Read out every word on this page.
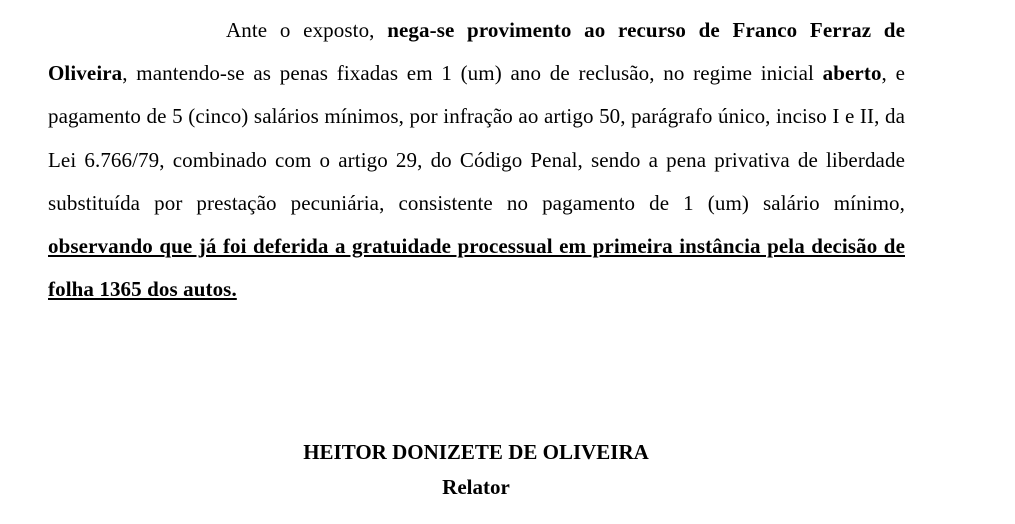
Ante o exposto, nega-se provimento ao recurso de Franco Ferraz de Oliveira, mantendo-se as penas fixadas em 1 (um) ano de reclusão, no regime inicial aberto, e pagamento de 5 (cinco) salários mínimos, por infração ao artigo 50, parágrafo único, inciso I e II, da Lei 6.766/79, combinado com o artigo 29, do Código Penal, sendo a pena privativa de liberdade substituída por prestação pecuniária, consistente no pagamento de 1 (um) salário mínimo, observando que já foi deferida a gratuidade processual em primeira instância pela decisão de folha 1365 dos autos.

HEITOR DONIZETE DE OLIVEIRA

Relator
